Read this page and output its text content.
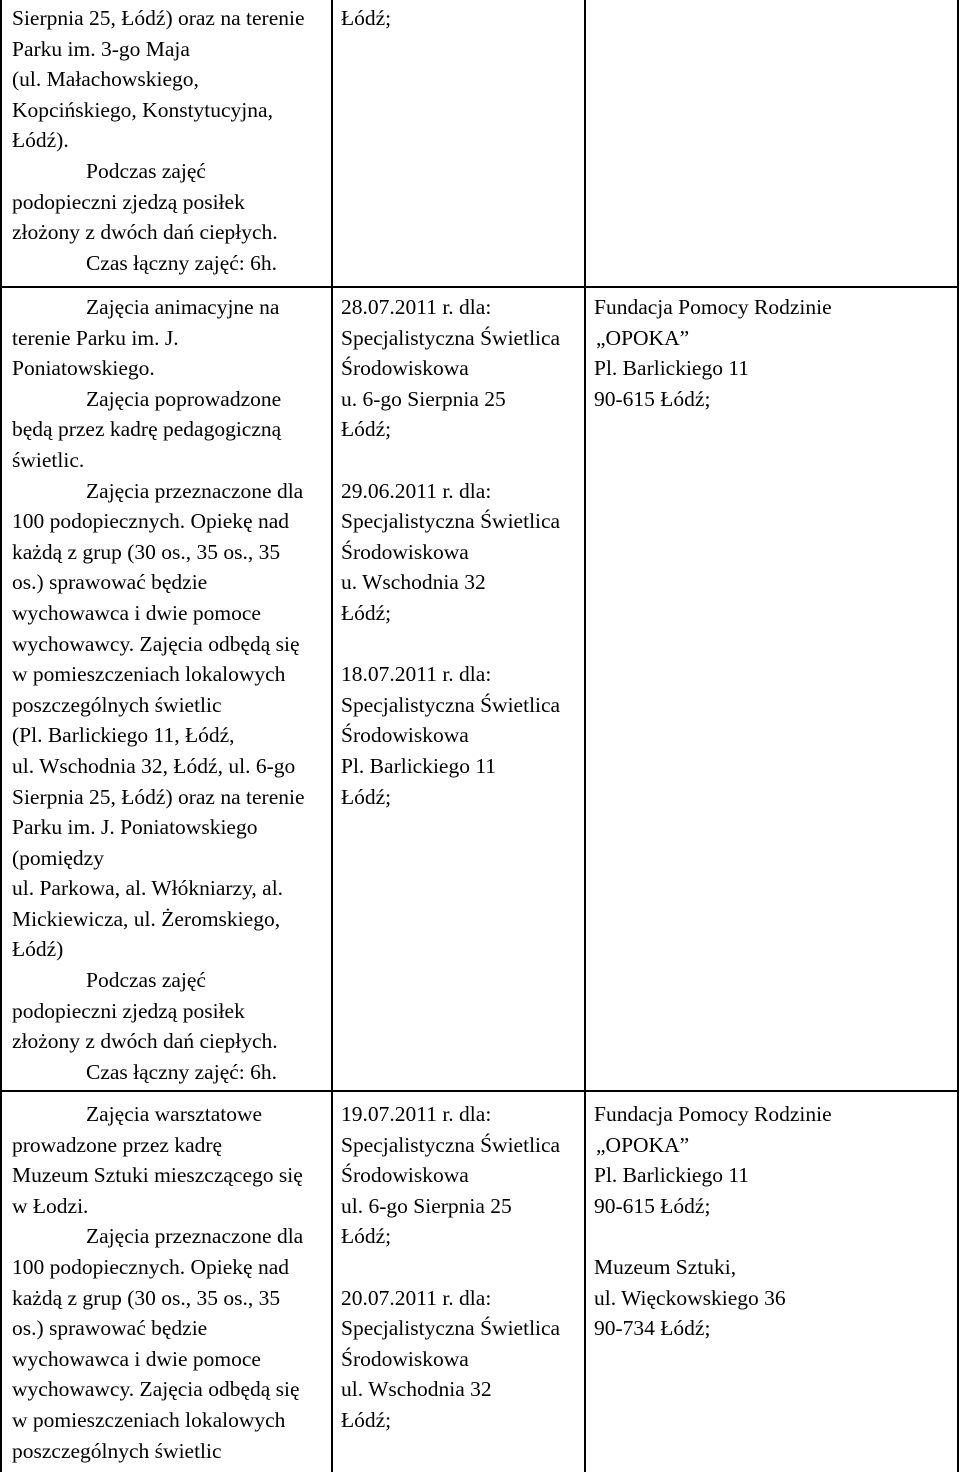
Sierpnia 25, Łódź) oraz na terenie
Parku im. 3-go Maja
(ul. Małachowskiego,
Kopcińskiego, Konstytucyjna,
Łódź).
Podczas zajęć
podopieczni zjedzą posiłek
złożony z dwóch dań ciepłych.
Czas łączny zajęć: 6h.
Łódź;
Zajęcia animacyjne na
terenie Parku im. J.
Poniatowskiego.
Zajęcia poprowadzone
będą przez kadrę pedagogiczną
świetlic.
Zajęcia przeznaczone dla
100 podopiecznych. Opiekę nad
każdą z grup (30 os., 35 os., 35
os.) sprawować będzie
wychowawca i dwie pomoce
wychowawcy. Zajęcia odbędą się
w pomieszczeniach lokalowych
poszczególnych świetlic
(Pl. Barlickiego 11, Łódź,
ul. Wschodnia 32, Łódź, ul. 6-go
Sierpnia 25, Łódź) oraz na terenie
Parku im. J. Poniatowskiego
(pomiędzy
ul. Parkowa, al. Włókniarzy, al.
Mickiewicza, ul. Żeromskiego,
Łódź)
Podczas zajęć
podopieczni zjedzą posiłek
złożony z dwóch dań ciepłych.
Czas łączny zajęć: 6h.
28.07.2011 r. dla:
Specjalistyczna Świetlica
Środowiskowa
u. 6-go Sierpnia 25
Łódź;
29.06.2011 r. dla:
Specjalistyczna Świetlica
Środowiskowa
u. Wschodnia 32
Łódź;
18.07.2011 r. dla:
Specjalistyczna Świetlica
Środowiskowa
Pl. Barlickiego 11
Łódź;
Fundacja Pomocy Rodzinie
„OPOKA”
Pl. Barlickiego 11
90-615 Łódź;
Zajęcia warsztatowe
prowadzone przez kadrę
Muzeum Sztuki mieszczącego się
w Łodzi.
Zajęcia przeznaczone dla
100 podopiecznych. Opiekę nad
każdą z grup (30 os., 35 os., 35
os.) sprawować będzie
wychowawca i dwie pomoce
wychowawcy. Zajęcia odbędą się
w pomieszczeniach lokalowych
poszczególnych świetlic
19.07.2011 r. dla:
Specjalistyczna Świetlica
Środowiskowa
ul. 6-go Sierpnia 25
Łódź;
20.07.2011 r. dla:
Specjalistyczna Świetlica
Środowiskowa
ul. Wschodnia 32
Łódź;
Fundacja Pomocy Rodzinie
„OPOKA”
Pl. Barlickiego 11
90-615 Łódź;
Muzeum Sztuki,
ul. Więckowskiego 36
90-734 Łódź;
